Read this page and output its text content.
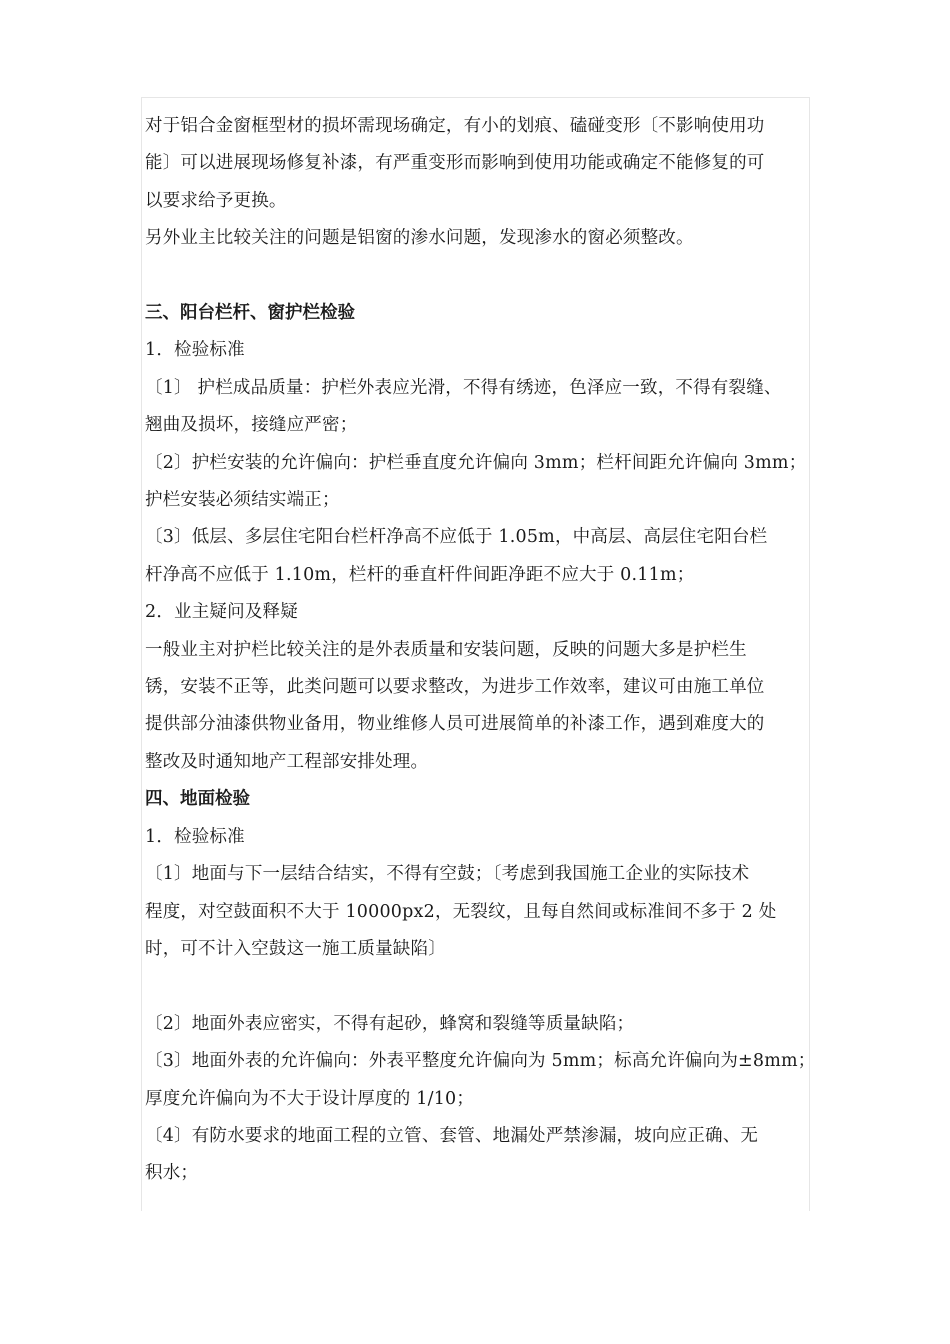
对于铝合金窗框型材的损坏需现场确定，有小的划痕、磕碰变形〔不影响使用功
能〕可以进展现场修复补漆，有严重变形而影响到使用功能或确定不能修复的可
以要求给予更换。
另外业主比较关注的问题是铝窗的渗水问题，发现渗水的窗必须整改。
三、阳台栏杆、窗护栏检验
1．检验标准
〔1〕 护栏成品质量：护栏外表应光滑，不得有绣迹，色泽应一致，不得有裂缝、
翘曲及损坏，接缝应严密；
〔2〕护栏安装的允许偏向：护栏垂直度允许偏向 3mm；栏杆间距允许偏向 3mm；
护栏安装必须结实端正；
〔3〕低层、多层住宅阳台栏杆净高不应低于 1.05m，中高层、高层住宅阳台栏
杆净高不应低于 1.10m，栏杆的垂直杆件间距净距不应大于 0.11m；
2．业主疑问及释疑
一般业主对护栏比较关注的是外表质量和安装问题，反映的问题大多是护栏生
锈，安装不正等，此类问题可以要求整改，为进步工作效率，建议可由施工单位
提供部分油漆供物业备用，物业维修人员可进展简单的补漆工作，遇到难度大的
整改及时通知地产工程部安排处理。
四、地面检验
1．检验标准
〔1〕地面与下一层结合结实，不得有空鼓；〔考虑到我国施工企业的实际技术
程度，对空鼓面积不大于 10000px2，无裂纹，且每自然间或标准间不多于 2 处
时，可不计入空鼓这一施工质量缺陷〕
〔2〕地面外表应密实，不得有起砂，蜂窝和裂缝等质量缺陷；
〔3〕地面外表的允许偏向：外表平整度允许偏向为 5mm；标高允许偏向为±8mm；
厚度允许偏向为不大于设计厚度的 1/10；
〔4〕有防水要求的地面工程的立管、套管、地漏处严禁渗漏，坡向应正确、无
积水；
